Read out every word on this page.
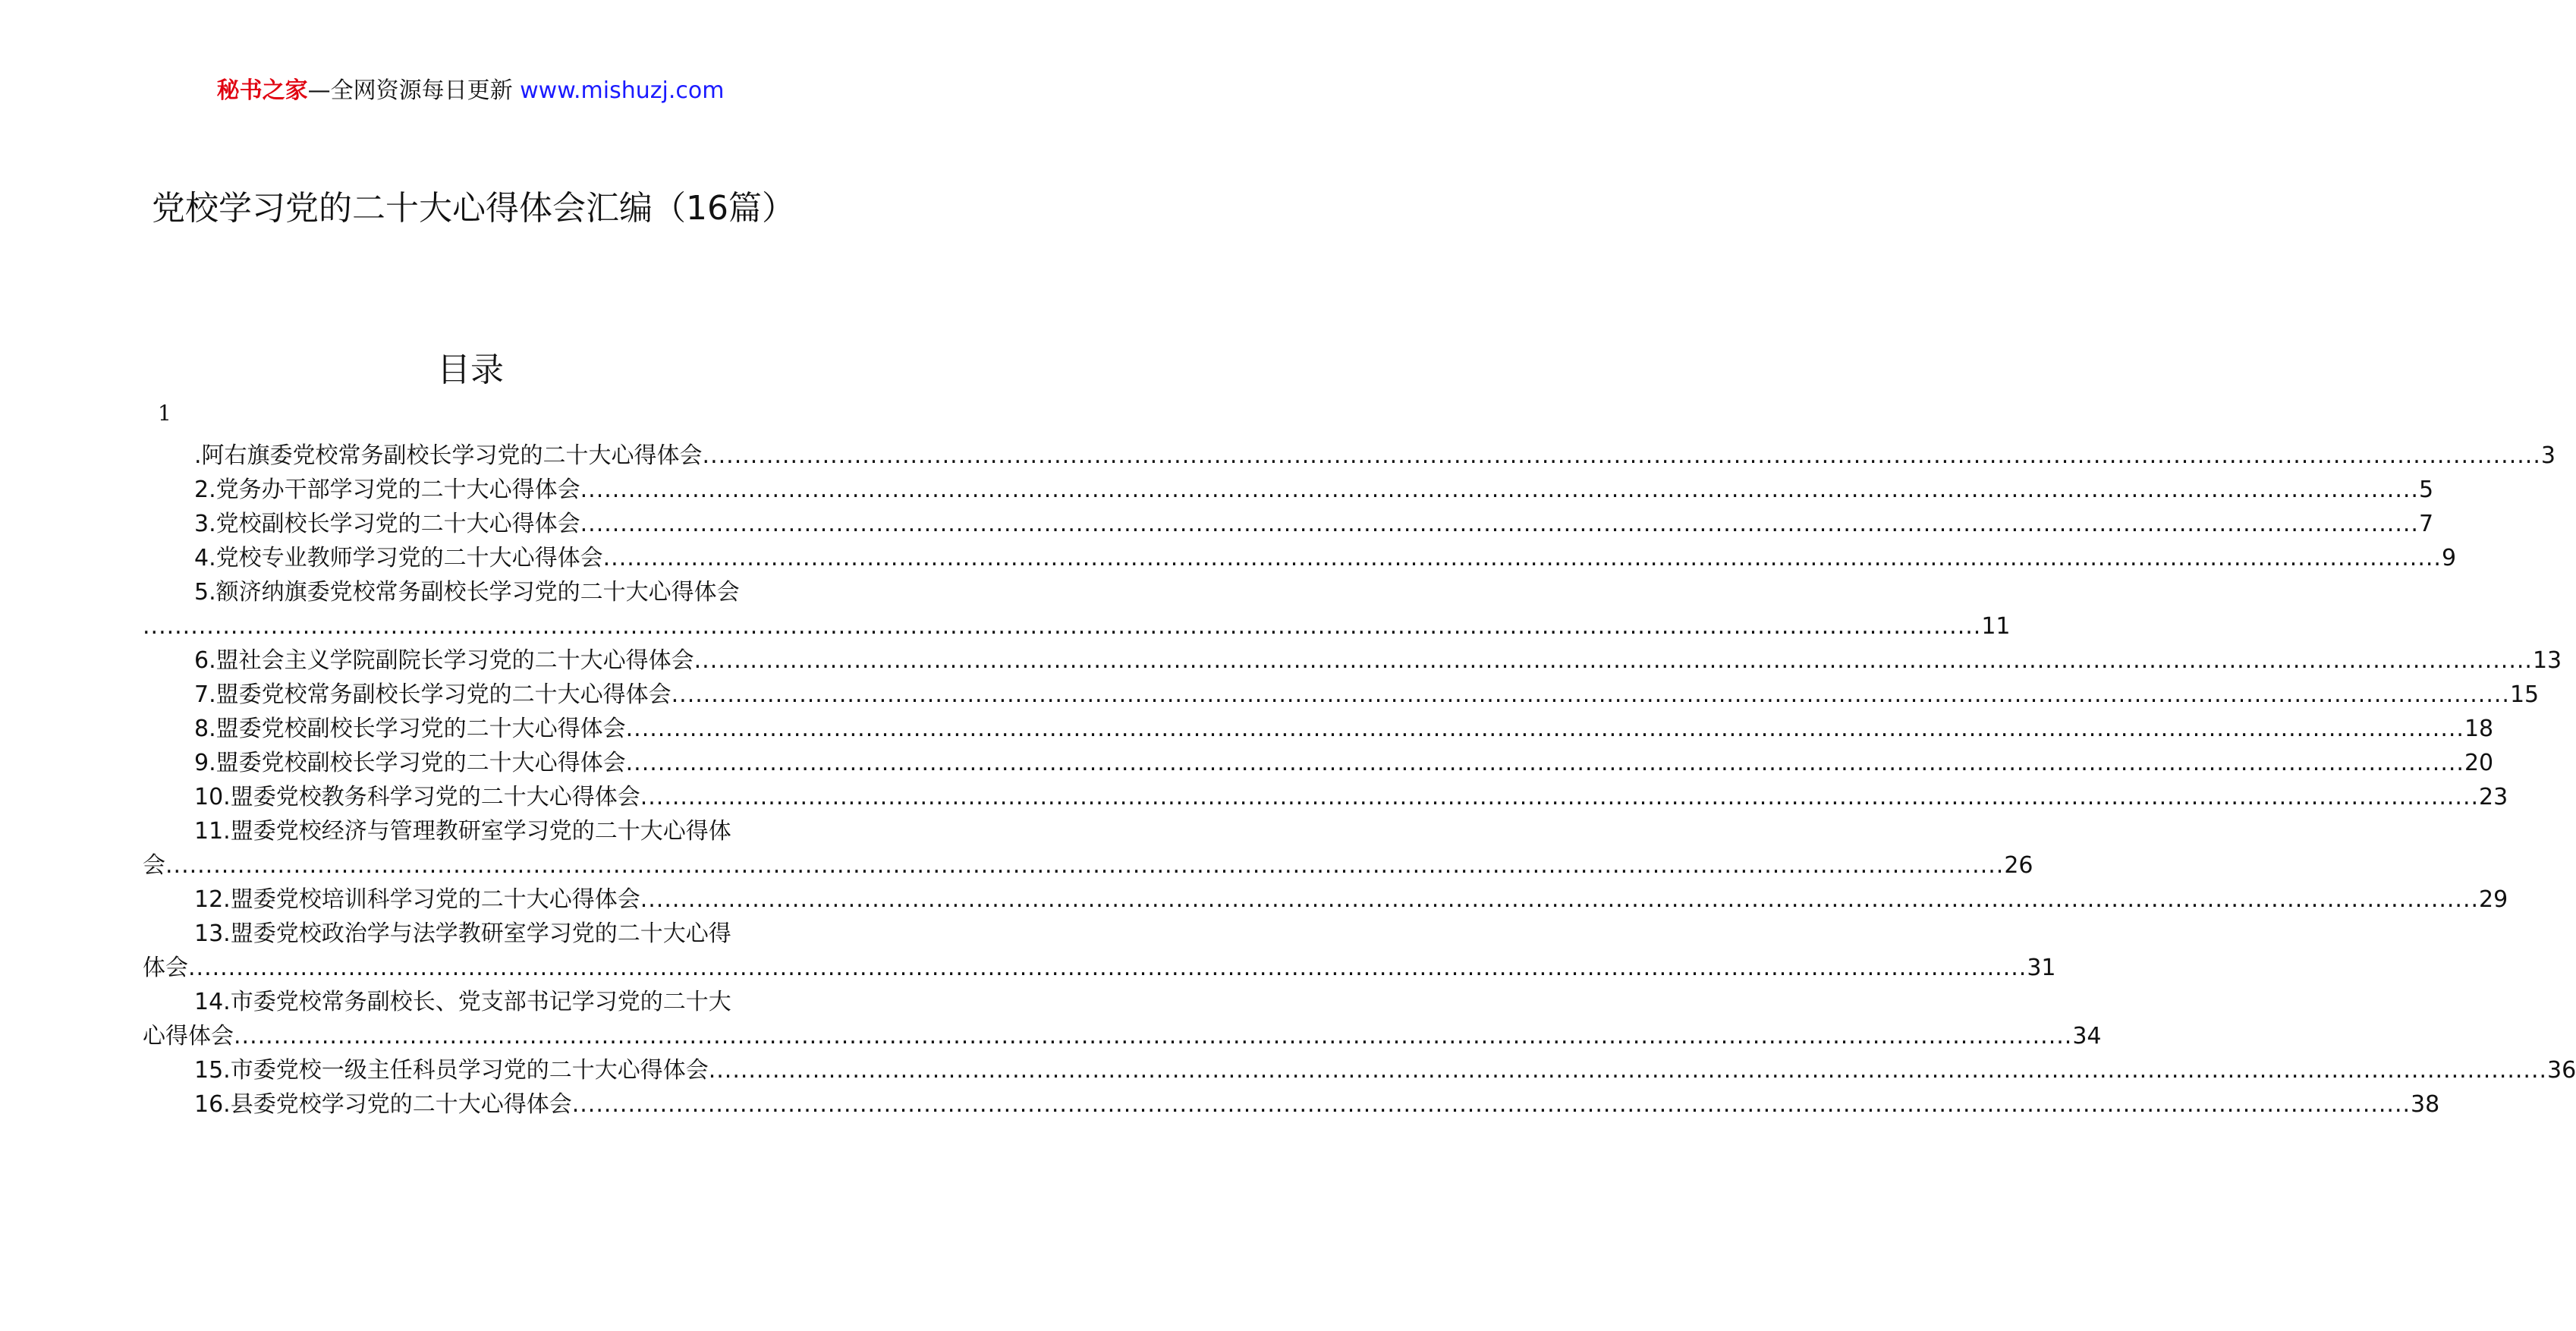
秘书之家—全网资源每日更新 www.mishuzj.com
党校学习党的二十大心得体会汇编（16篇）
目录
1
.阿右旗委党校常务副校长学习党的二十大心得体会 ...................................................................................................................................................................................................................................... 3
2.党务办干部学习党的二十大心得体会 ...................................................................................................................................................................................................................................... 5
3.党校副校长学习党的二十大心得体会 ...................................................................................................................................................................................................................................... 7
4.党校专业教师学习党的二十大心得体会 ...................................................................................................................................................................................................................................... 9
5.额济纳旗委党校常务副校长学习党的二十大心得体会
...................................................................................................................................................................................................................................... 11
6.盟社会主义学院副院长学习党的二十大心得体会 ...................................................................................................................................................................................................................................... 13
7.盟委党校常务副校长学习党的二十大心得体会 ...................................................................................................................................................................................................................................... 15
8.盟委党校副校长学习党的二十大心得体会 ...................................................................................................................................................................................................................................... 18
9.盟委党校副校长学习党的二十大心得体会 ...................................................................................................................................................................................................................................... 20
10.盟委党校教务科学习党的二十大心得体会 ...................................................................................................................................................................................................................................... 23
11.盟委党校经济与管理教研室学习党的二十大心得体
会 ...................................................................................................................................................................................................................................... 26
12.盟委党校培训科学习党的二十大心得体会 ...................................................................................................................................................................................................................................... 29
13.盟委党校政治学与法学教研室学习党的二十大心得
体会 ...................................................................................................................................................................................................................................... 31
14.市委党校常务副校长、党支部书记学习党的二十大
心得体会 ...................................................................................................................................................................................................................................... 34
15.市委党校一级主任科员学习党的二十大心得体会 ...................................................................................................................................................................................................................................... 36
16.县委党校学习党的二十大心得体会 ...................................................................................................................................................................................................................................... 38
